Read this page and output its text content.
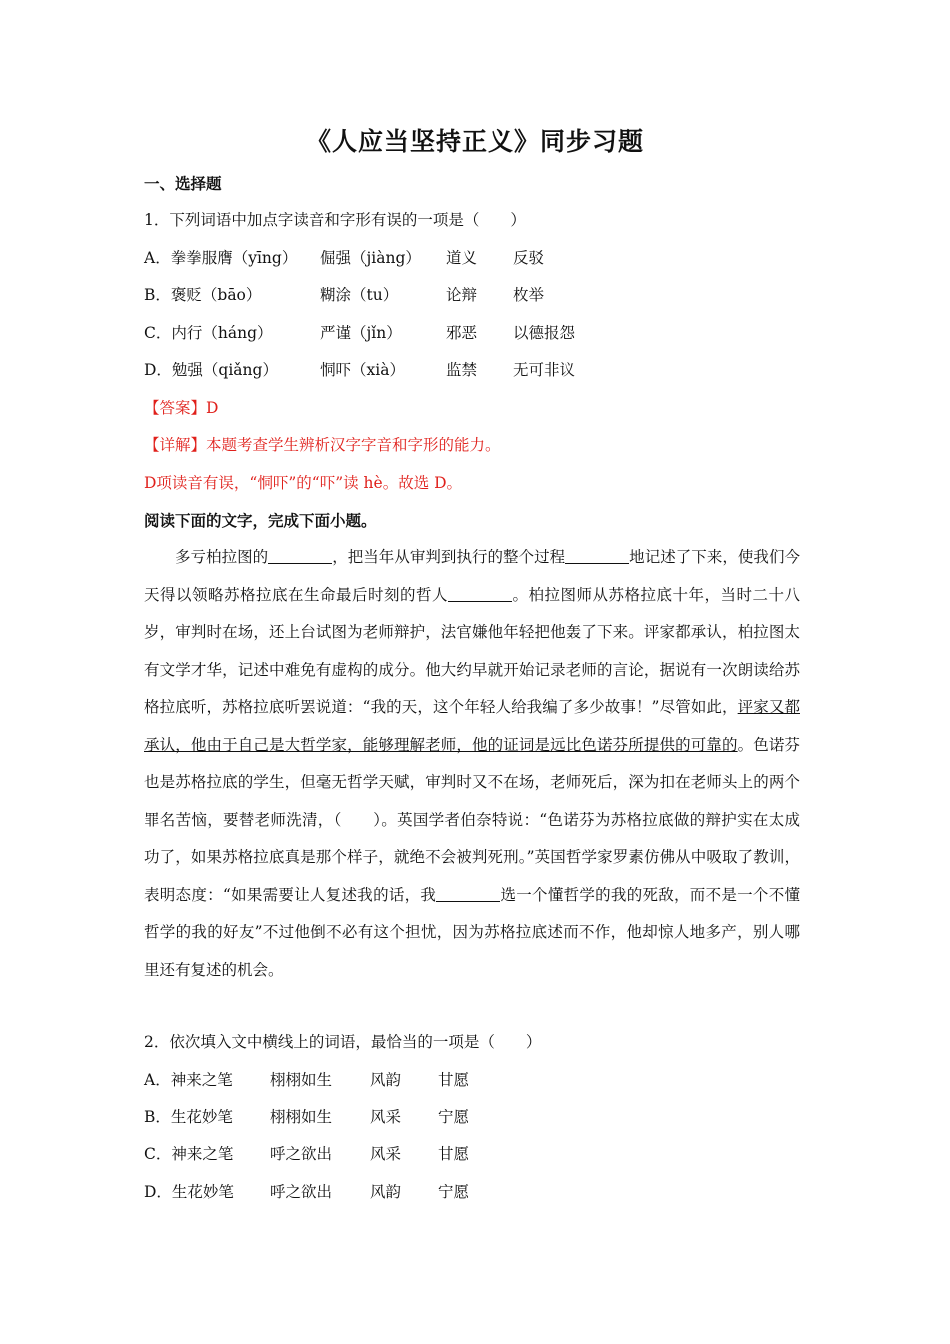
《人应当坚持正义》同步习题
一、选择题
1．下列词语中加点字读音和字形有误的一项是（　　）
A．拳拳服膺（yīng） 倔强（jiàng） 道义 反驳
B．褒贬（bāo）	糊涂（tu）	论辩 枚举
C．内行（háng）	严谨（jǐn）	邪恶 以德报怨
D．勉强（qiǎng）	恫吓（xià）	监禁 无可非议
【答案】D
【详解】本题考查学生辨析汉字字音和字形的能力。
D项读音有误，“恫吓”的“吓”读 hè。故选 D。
阅读下面的文字，完成下面小题。
多亏柏拉图的	，把当年从审判到执行的整个过程	地记述了下来，使我们今天得以领略苏格拉底在生命最后时刻的哲人	。柏拉图师从苏格拉底十年，当时二十八岁，审判时在场，还上台试图为老师辩护，法官嫌他年轻把他轰了下来。评家都承认，柏拉图太有文学才华，记述中难免有虚构的成分。他大约早就开始记录老师的言论，据说有一次朗读给苏格拉底听，苏格拉底听罢说道：“我的天，这个年轻人给我编了多少故事！”尽管如此，评家又都承认，他由于自己是大哲学家，能够理解老师，他的证词是远比色诺芬所提供的可靠的。色诺芬也是苏格拉底的学生，但毫无哲学天赋，审判时又不在场，老师死后，深为扣在老师头上的两个罪名苦恼，要替老师洗清，（　　）。英国学者伯奈特说：“色诺芬为苏格拉底做的辩护实在太成功了，如果苏格拉底真是那个样子，就绝不会被判死刑。”英国哲学家罗素仿佛从中吸取了教训，表明态度：“如果需要让人复述我的话，我	选一个懂哲学的我的死敌，而不是一个不懂哲学的我的好友”不过他倒不必有这个担忧，因为苏格拉底述而不作，他却惊人地多产，别人哪里还有复述的机会。
2．依次填入文中横线上的词语，最恰当的一项是（　　）
A．神来之笔 栩栩如生 风韵 甘愿
B．生花妙笔 栩栩如生 风采 宁愿
C．神来之笔 呼之欲出 风采 甘愿
D．生花妙笔 呼之欲出 风韵 宁愿
